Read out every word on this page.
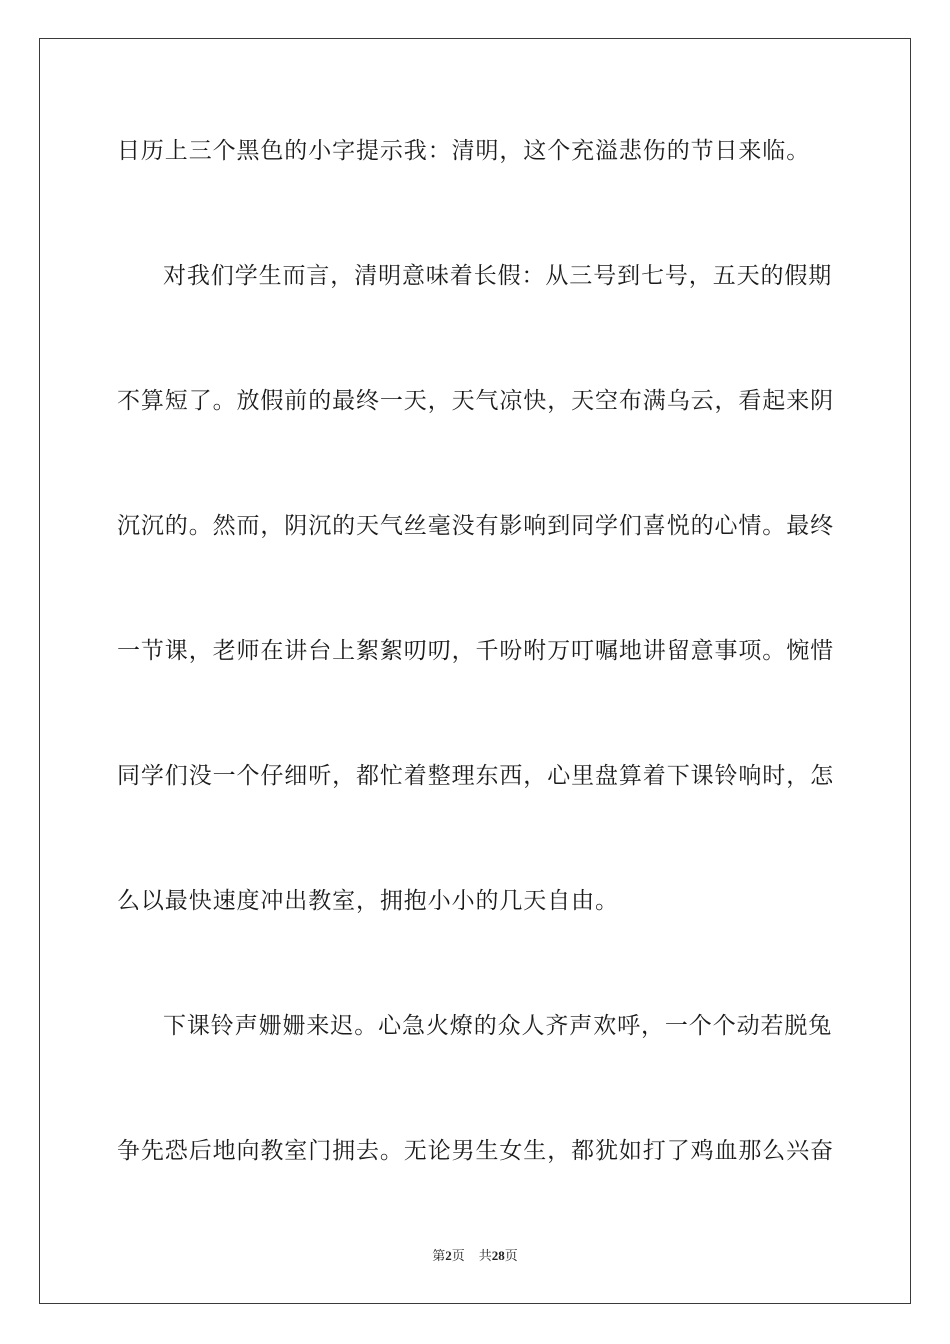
日历上三个黑色的小字提示我：清明，这个充溢悲伤的节日来临。
对我们学生而言，清明意味着长假：从三号到七号，五天的假期
不算短了。放假前的最终一天，天气凉快，天空布满乌云，看起来阴
沉沉的。然而，阴沉的天气丝毫没有影响到同学们喜悦的心情。最终
一节课，老师在讲台上絮絮叨叨，千吩咐万叮嘱地讲留意事项。惋惜
同学们没一个仔细听，都忙着整理东西，心里盘算着下课铃响时，怎
么以最快速度冲出教室，拥抱小小的几天自由。
下课铃声姗姗来迟。心急火燎的众人齐声欢呼，一个个动若脱兔
争先恐后地向教室门拥去。无论男生女生，都犹如打了鸡血那么兴奋
第2页 共28页
